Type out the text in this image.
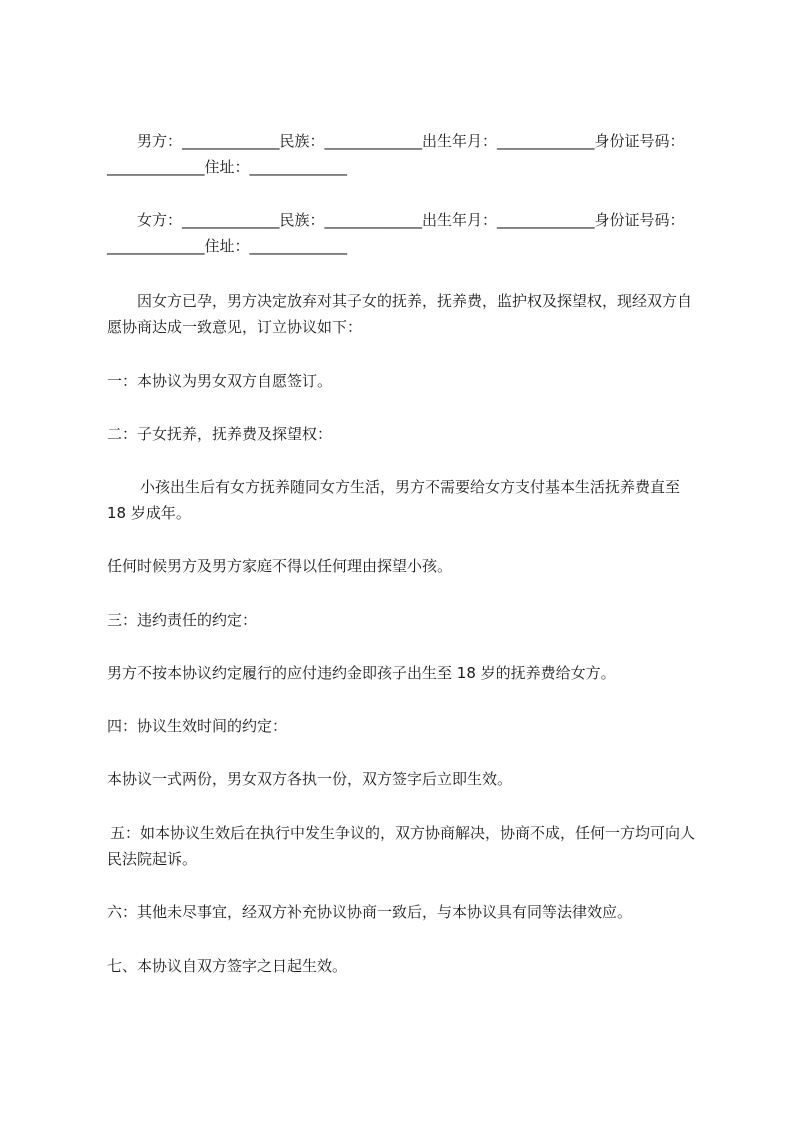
男方：_____________民族：_____________出生年月：_____________身份证号码：_____________住址：_____________

女方：_____________民族：_____________出生年月：_____________身份证号码：_____________住址：_____________

因女方已孕，男方决定放弃对其子女的抚养，抚养费，监护权及探望权，现经双方自愿协商达成一致意见，订立协议如下：

一：本协议为男女双方自愿签订。

二：子女抚养，抚养费及探望权：

小孩出生后有女方抚养随同女方生活，男方不需要给女方支付基本生活抚养费直至 18 岁成年。

任何时候男方及男方家庭不得以任何理由探望小孩。

三：违约责任的约定：

男方不按本协议约定履行的应付违约金即孩子出生至 18 岁的抚养费给女方。

四：协议生效时间的约定：

本协议一式两份，男女双方各执一份，双方签字后立即生效。

五：如本协议生效后在执行中发生争议的，双方协商解决，协商不成，任何一方均可向人民法院起诉。

六：其他未尽事宜，经双方补充协议协商一致后，与本协议具有同等法律效应。

七、本协议自双方签字之日起生效。
